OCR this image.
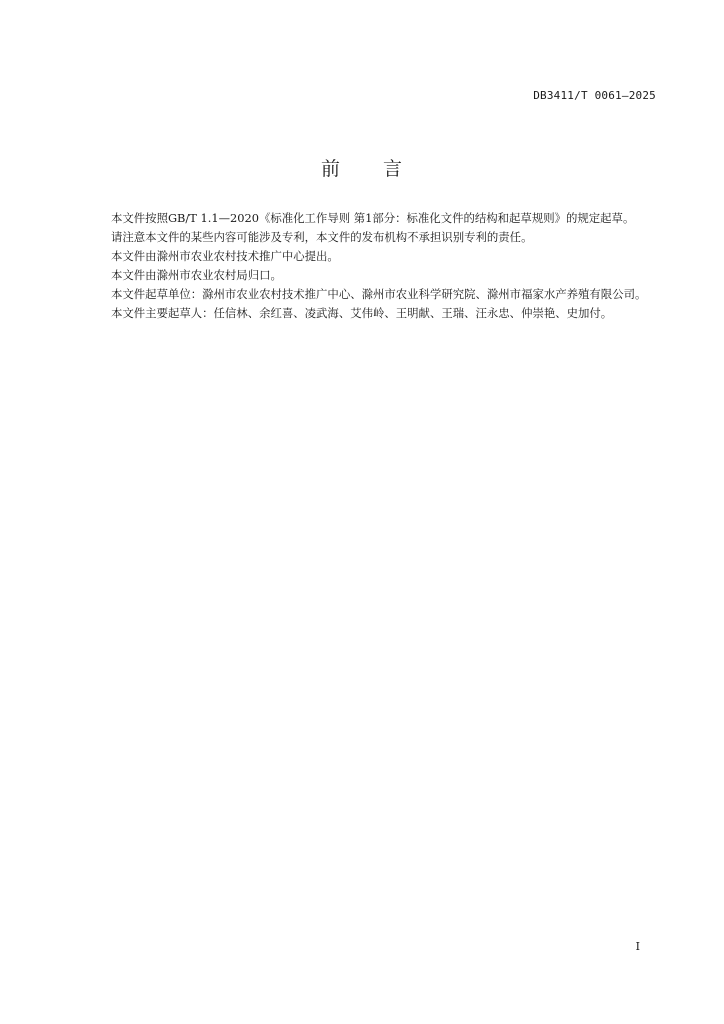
DB3411/T 0061—2025
前 言

本文件按照GB/T 1.1—2020《标准化工作导则 第1部分：标准化文件的结构和起草规则》的规定起草。

请注意本文件的某些内容可能涉及专利，本文件的发布机构不承担识别专利的责任。

本文件由滁州市农业农村技术推广中心提出。

本文件由滁州市农业农村局归口。

本文件起草单位：滁州市农业农村技术推广中心、滁州市农业科学研究院、滁州市福家水产养殖有限公司。

本文件主要起草人：任信林、余红喜、凌武海、艾伟岭、王明献、王瑞、汪永忠、仲崇艳、史加付。

I
